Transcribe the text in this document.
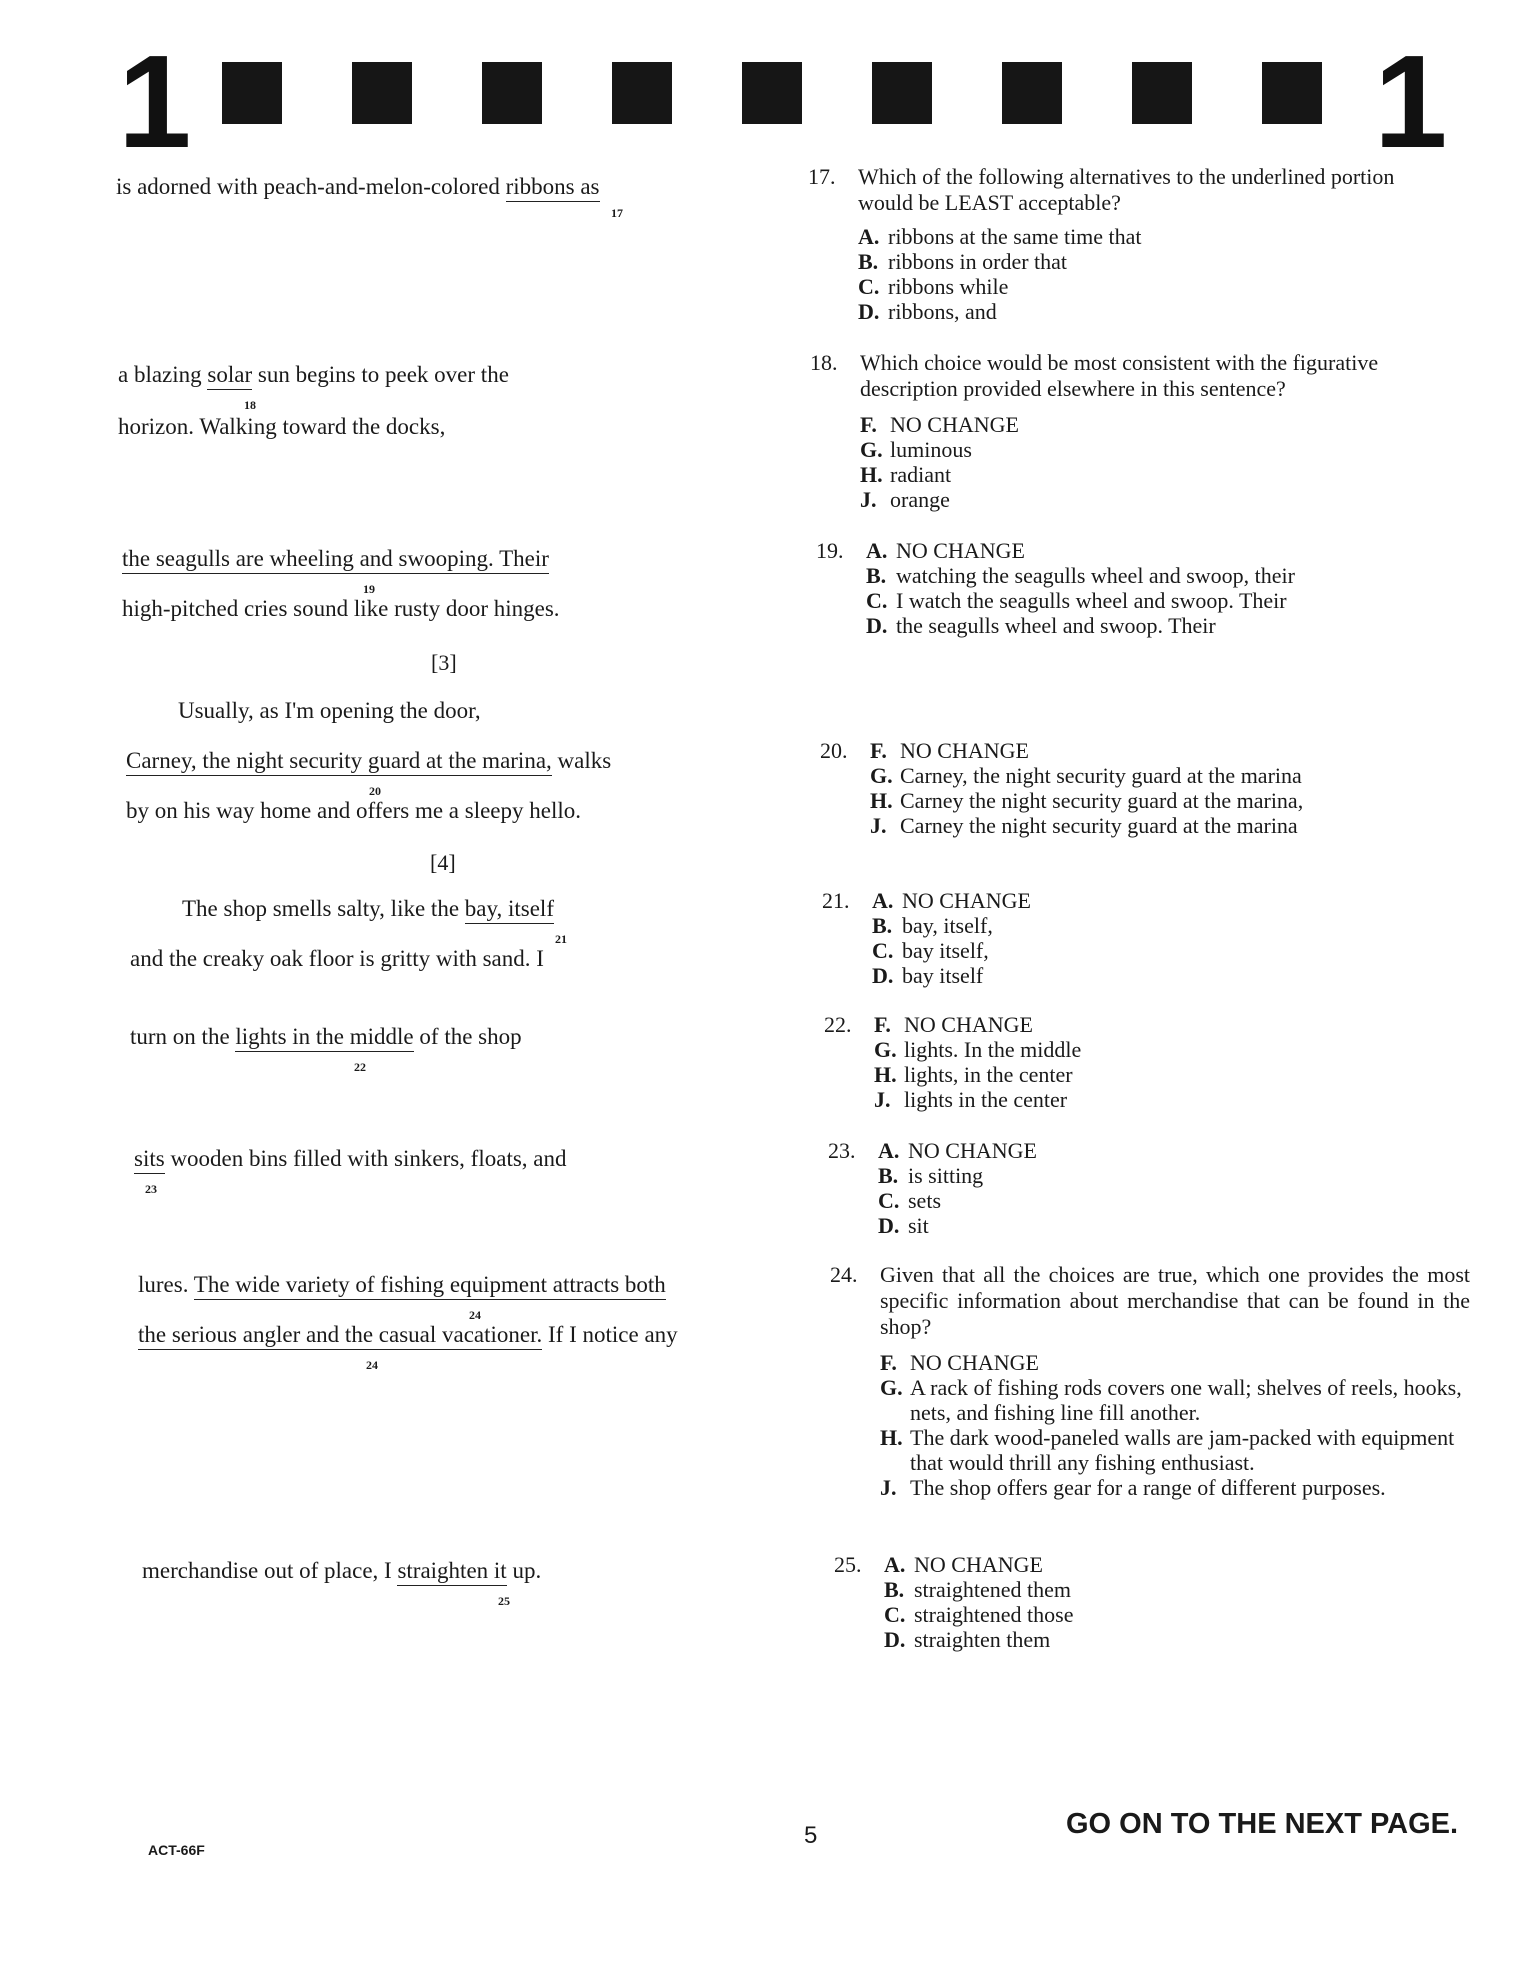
1	1
is adorned with peach-and-melon-colored ribbons as
17
a blazing solar sun begins to peek over the
18
horizon. Walking toward the docks,
the seagulls are wheeling and swooping. Their
19
high-pitched cries sound like rusty door hinges.
[3]
Usually, as I'm opening the door,
Carney, the night security guard at the marina, walks
20
by on his way home and offers me a sleepy hello.
[4]
The shop smells salty, like the bay, itself
21
and the creaky oak floor is gritty with sand. I
turn on the lights in the middle of the shop
22
sits wooden bins filled with sinkers, floats, and
23
lures. The wide variety of fishing equipment attracts both
24
the serious angler and the casual vacationer. If I notice any
24
merchandise out of place, I straighten it up.
25
17.	Which of the following alternatives to the underlined portion would be LEAST acceptable?
A. ribbons at the same time that
B. ribbons in order that
C. ribbons while
D. ribbons, and
18.	Which choice would be most consistent with the figurative description provided elsewhere in this sentence?
F. NO CHANGE
G. luminous
H. radiant
J. orange
19.	A. NO CHANGE
B. watching the seagulls wheel and swoop, their
C. I watch the seagulls wheel and swoop. Their
D. the seagulls wheel and swoop. Their
20.	F. NO CHANGE
G. Carney, the night security guard at the marina
H. Carney the night security guard at the marina,
J. Carney the night security guard at the marina
21.	A. NO CHANGE
B. bay, itself,
C. bay itself,
D. bay itself
22.	F. NO CHANGE
G. lights. In the middle
H. lights, in the center
J. lights in the center
23.	A. NO CHANGE
B. is sitting
C. sets
D. sit
24.	Given that all the choices are true, which one provides the most specific information about merchandise that can be found in the shop?
F. NO CHANGE
G. A rack of fishing rods covers one wall; shelves of reels, hooks, nets, and fishing line fill another.
H. The dark wood-paneled walls are jam-packed with equipment that would thrill any fishing enthusiast.
J. The shop offers gear for a range of different purposes.
25.	A. NO CHANGE
B. straightened them
C. straightened those
D. straighten them
ACT-66F
5	GO ON TO THE NEXT PAGE.
